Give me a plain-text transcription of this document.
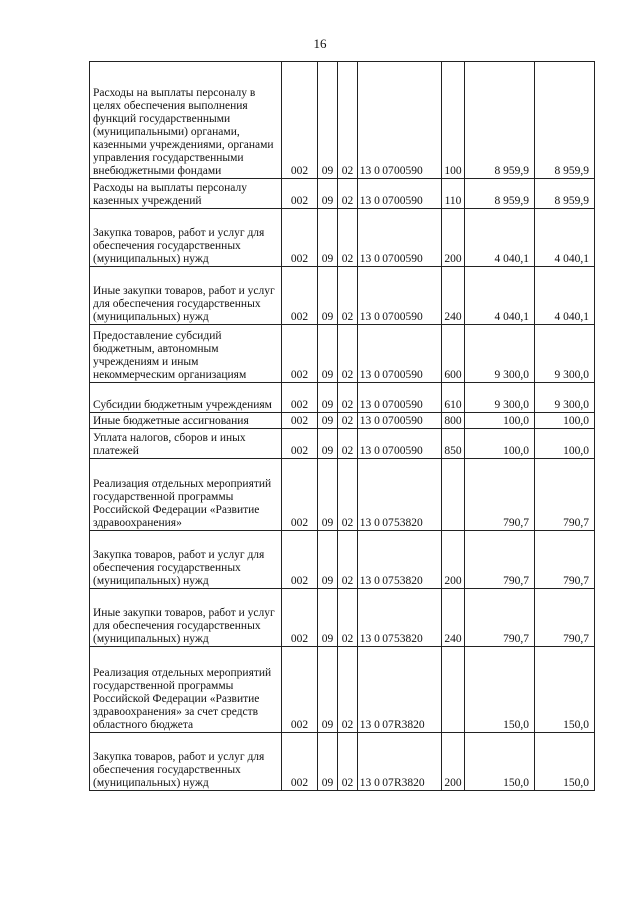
16
Расходы на выплаты персоналу в целях обеспечения выполнения функций государственными (муниципальными) органами, казенными учреждениями, органами управления государственными внебюджетными фондами	002	09	02	13 0 0700590	100	8 959,9	8 959,9
Расходы на выплаты персоналу казенных учреждений	002	09	02	13 0 0700590	110	8 959,9	8 959,9
Закупка товаров, работ и услуг для обеспечения государственных (муниципальных) нужд	002	09	02	13 0 0700590	200	4 040,1	4 040,1
Иные закупки товаров, работ и услуг для обеспечения государственных (муниципальных) нужд	002	09	02	13 0 0700590	240	4 040,1	4 040,1
Предоставление субсидий бюджетным, автономным учреждениям и иным некоммерческим организациям	002	09	02	13 0 0700590	600	9 300,0	9 300,0
Субсидии бюджетным учреждениям	002	09	02	13 0 0700590	610	9 300,0	9 300,0
Иные бюджетные ассигнования	002	09	02	13 0 0700590	800	100,0	100,0
Уплата налогов, сборов и иных платежей	002	09	02	13 0 0700590	850	100,0	100,0
Реализация отдельных мероприятий государственной программы Российской Федерации «Развитие здравоохранения»	002	09	02	13 0 0753820		790,7	790,7
Закупка товаров, работ и услуг для обеспечения государственных (муниципальных) нужд	002	09	02	13 0 0753820	200	790,7	790,7
Иные закупки товаров, работ и услуг для обеспечения государственных (муниципальных) нужд	002	09	02	13 0 0753820	240	790,7	790,7
Реализация отдельных мероприятий государственной программы Российской Федерации «Развитие здравоохранения» за счет средств областного бюджета	002	09	02	13 0 07R3820		150,0	150,0
Закупка товаров, работ и услуг для обеспечения государственных (муниципальных) нужд	002	09	02	13 0 07R3820	200	150,0	150,0
